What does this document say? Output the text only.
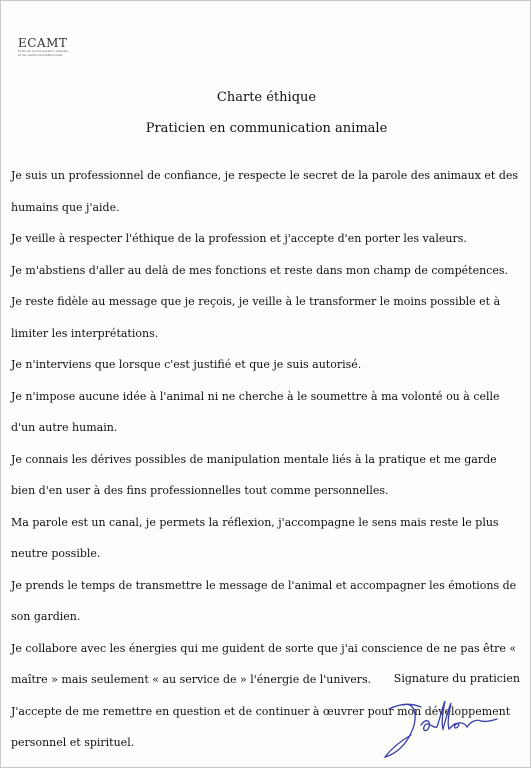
ECAMT
École de communication animale
et de médecine traditionnelle
Charte éthique
Praticien en communication animale

Je suis un professionnel de confiance, je respecte le secret de la parole des animaux et des humains que j'aide.

Je veille à respecter l'éthique de la profession et j'accepte d'en porter les valeurs.

Je m'abstiens d'aller au delà de mes fonctions et reste dans mon champ de compétences.

Je reste fidèle au message que je reçois, je veille à le transformer le moins possible et à limiter les interprétations.

Je n'interviens que lorsque c'est justifié et que je suis autorisé.

Je n'impose aucune idée à l'animal ni ne cherche à le soumettre à ma volonté ou à celle d'un autre humain.

Je connais les dérives possibles de manipulation mentale liés à la pratique et me garde bien d'en user à des fins professionnelles tout comme personnelles.

Ma parole est un canal, je permets la réflexion, j'accompagne le sens mais reste le plus neutre possible.

Je prends le temps de transmettre le message de l'animal et accompagner les émotions de son gardien.

Je collabore avec les énergies qui me guident de sorte que j'ai conscience de ne pas être « maître » mais seulement « au service de » l'énergie de l'univers.

J'accepte de me remettre en question et de continuer à œuvrer pour mon développement personnel et spirituel.

Signature du praticien
